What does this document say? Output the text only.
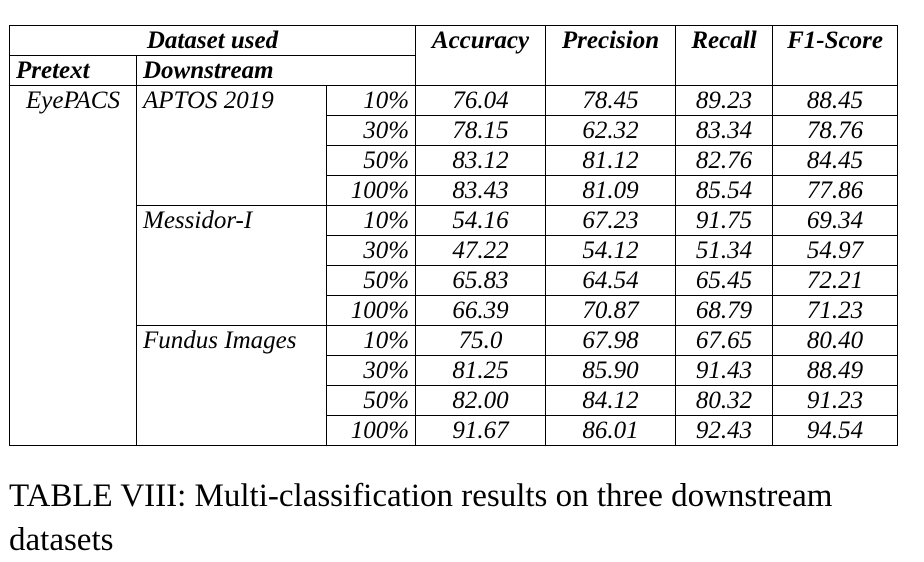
Dataset used			Accuracy	Precision	Recall	F1-Score
Pretext	Downstream					
EyePACS	APTOS 2019	10%	76.04	78.45	89.23	88.45
		30%	78.15	62.32	83.34	78.76
		50%	83.12	81.12	82.76	84.45
		100%	83.43	81.09	85.54	77.86
	Messidor-I	10%	54.16	67.23	91.75	69.34
		30%	47.22	54.12	51.34	54.97
		50%	65.83	64.54	65.45	72.21
		100%	66.39	70.87	68.79	71.23
	Fundus Images	10%	75.0	67.98	67.65	80.40
		30%	81.25	85.90	91.43	88.49
		50%	82.00	84.12	80.32	91.23
		100%	91.67	86.01	92.43	94.54
TABLE VIII: Multi-classification results on three downstream datasets
